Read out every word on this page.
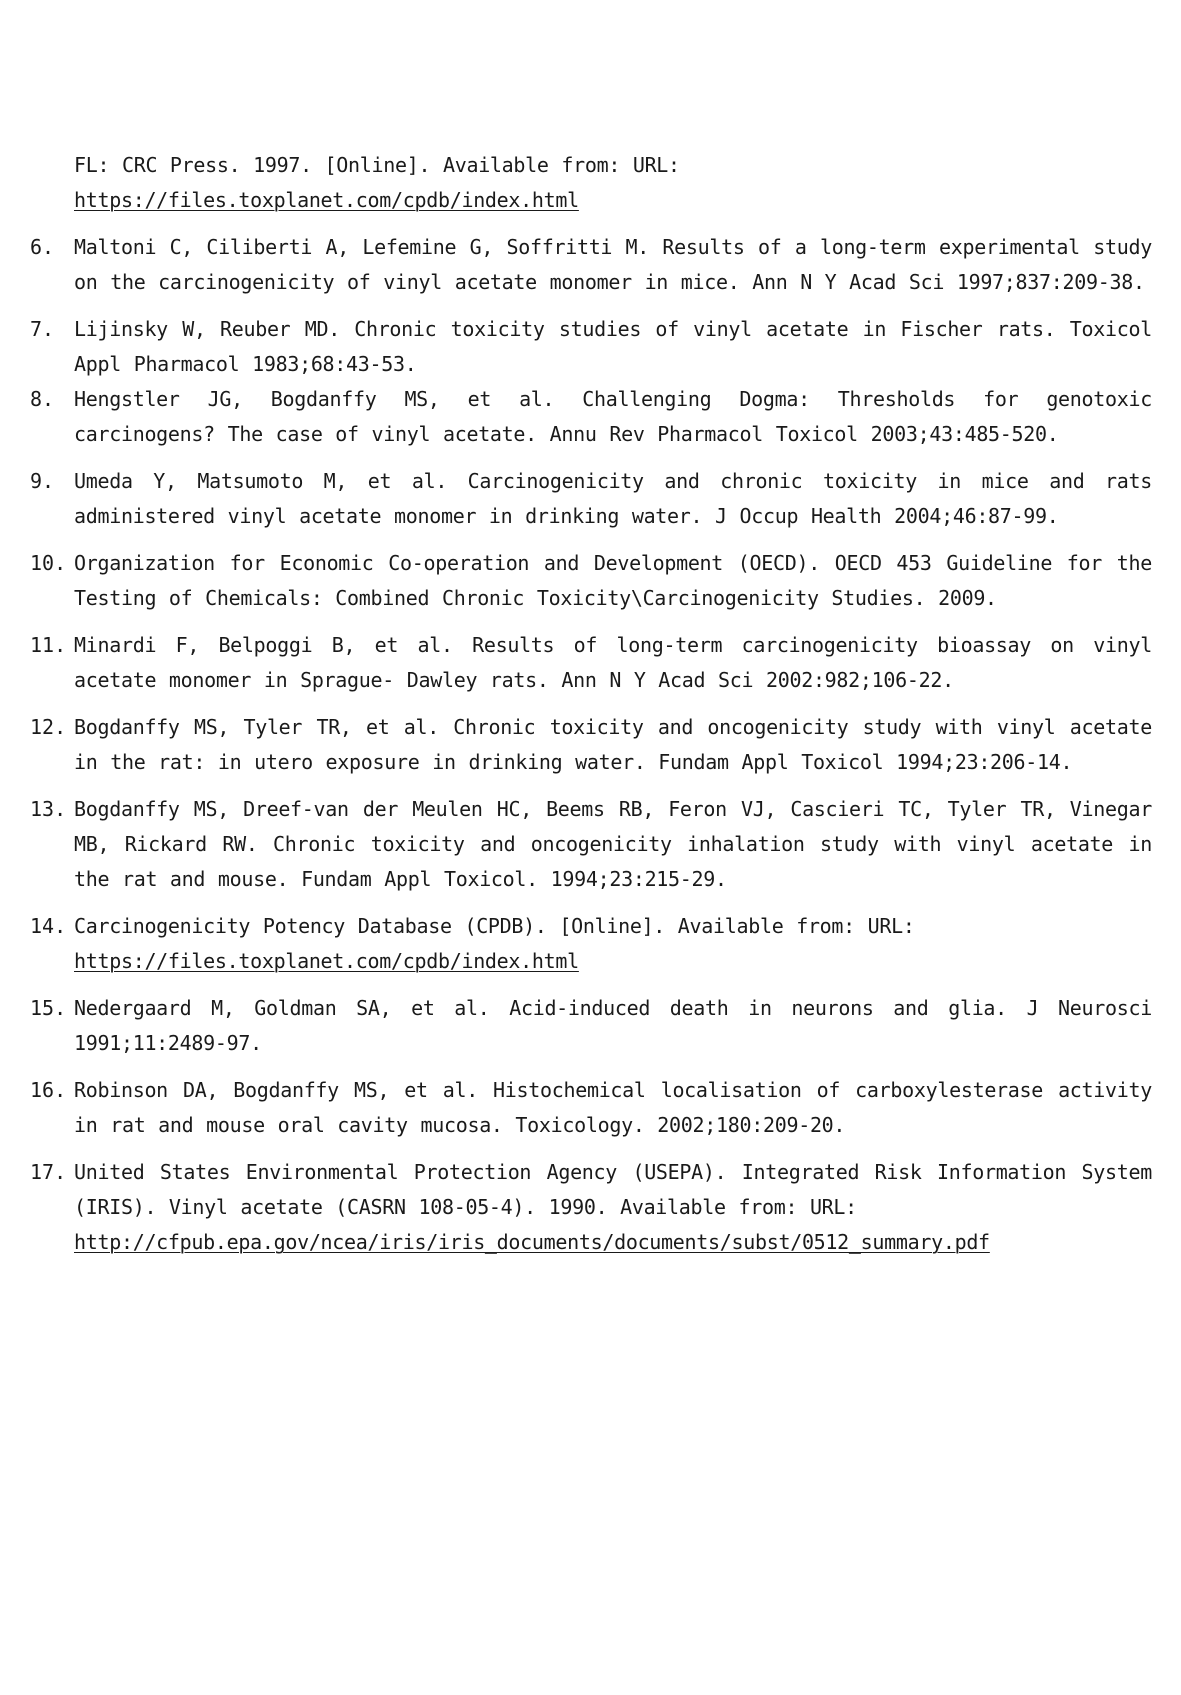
FL: CRC Press. 1997. [Online]. Available from: URL:
https://files.toxplanet.com/cpdb/index.html
6. Maltoni C, Ciliberti A, Lefemine G, Soffritti M. Results of a long-term experimental study on the carcinogenicity of vinyl acetate monomer in mice. Ann N Y Acad Sci 1997;837:209-38.
7. Lijinsky W, Reuber MD. Chronic toxicity studies of vinyl acetate in Fischer rats. Toxicol Appl Pharmacol 1983;68:43-53.
8. Hengstler JG, Bogdanffy MS, et al. Challenging Dogma: Thresholds for genotoxic carcinogens? The case of vinyl acetate. Annu Rev Pharmacol Toxicol 2003;43:485-520.
9. Umeda Y, Matsumoto M, et al. Carcinogenicity and chronic toxicity in mice and rats administered vinyl acetate monomer in drinking water. J Occup Health 2004;46:87-99.
10. Organization for Economic Co-operation and Development (OECD). OECD 453 Guideline for the Testing of Chemicals: Combined Chronic Toxicity\Carcinogenicity Studies. 2009.
11. Minardi F, Belpoggi B, et al. Results of long-term carcinogenicity bioassay on vinyl acetate monomer in Sprague- Dawley rats. Ann N Y Acad Sci 2002:982;106-22.
12. Bogdanffy MS, Tyler TR, et al. Chronic toxicity and oncogenicity study with vinyl acetate in the rat: in utero exposure in drinking water. Fundam Appl Toxicol 1994;23:206-14.
13. Bogdanffy MS, Dreef-van der Meulen HC, Beems RB, Feron VJ, Cascieri TC, Tyler TR, Vinegar MB, Rickard RW. Chronic toxicity and oncogenicity inhalation study with vinyl acetate in the rat and mouse. Fundam Appl Toxicol. 1994;23:215-29.
14. Carcinogenicity Potency Database (CPDB). [Online]. Available from: URL:
https://files.toxplanet.com/cpdb/index.html
15. Nedergaard M, Goldman SA, et al. Acid-induced death in neurons and glia. J Neurosci 1991;11:2489-97.
16. Robinson DA, Bogdanffy MS, et al. Histochemical localisation of carboxylesterase activity in rat and mouse oral cavity mucosa. Toxicology. 2002;180:209-20.
17. United States Environmental Protection Agency (USEPA). Integrated Risk Information System (IRIS). Vinyl acetate (CASRN 108-05-4). 1990. Available from: URL:
http://cfpub.epa.gov/ncea/iris/iris_documents/documents/subst/0512_summary.pdf
